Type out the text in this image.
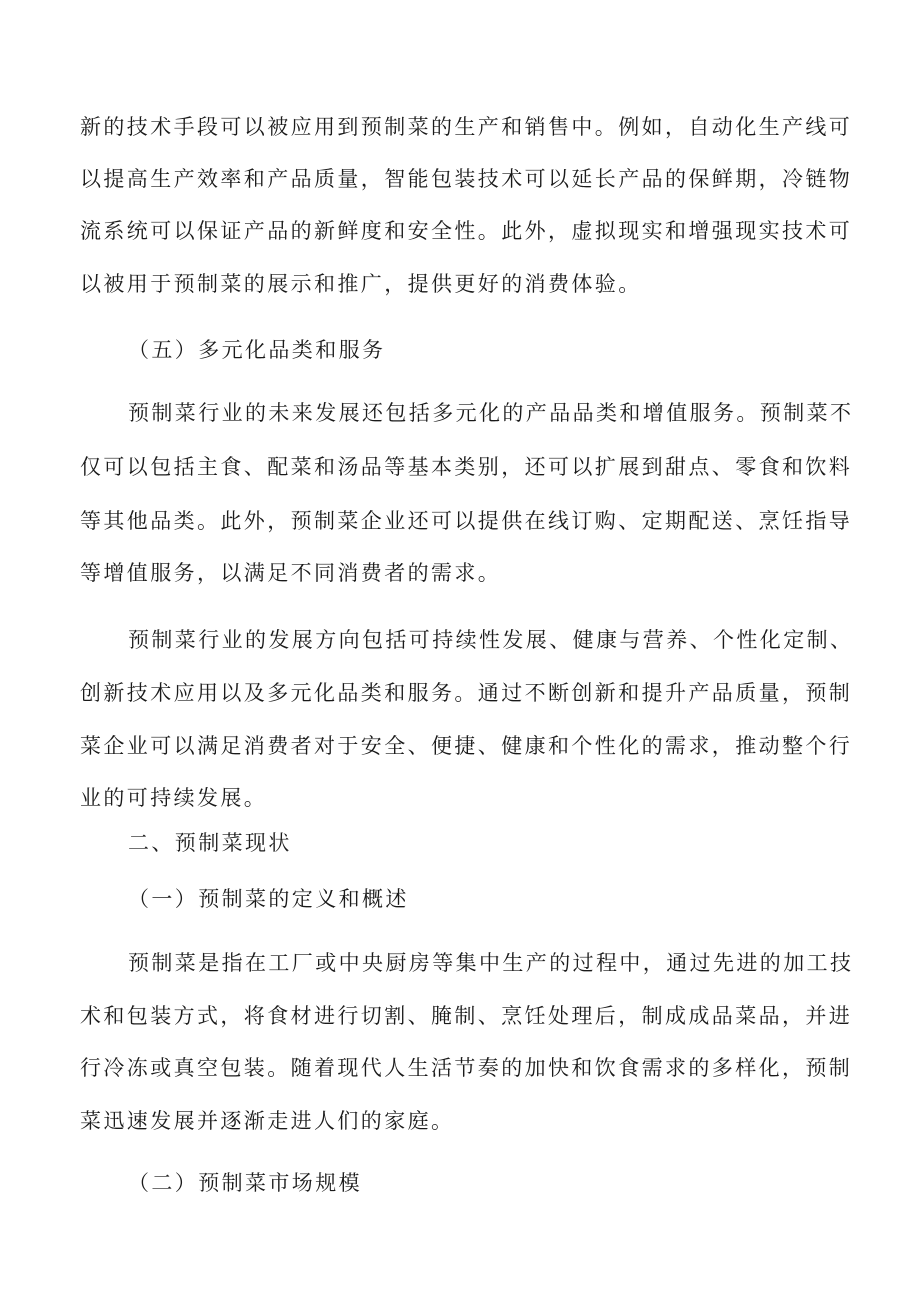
新的技术手段可以被应用到预制菜的生产和销售中。例如，自动化生产线可
以提高生产效率和产品质量，智能包装技术可以延长产品的保鲜期，冷链物
流系统可以保证产品的新鲜度和安全性。此外，虚拟现实和增强现实技术可
以被用于预制菜的展示和推广，提供更好的消费体验。
（五）多元化品类和服务
预制菜行业的未来发展还包括多元化的产品品类和增值服务。预制菜不
仅可以包括主食、配菜和汤品等基本类别，还可以扩展到甜点、零食和饮料
等其他品类。此外，预制菜企业还可以提供在线订购、定期配送、烹饪指导
等增值服务，以满足不同消费者的需求。
预制菜行业的发展方向包括可持续性发展、健康与营养、个性化定制、
创新技术应用以及多元化品类和服务。通过不断创新和提升产品质量，预制
菜企业可以满足消费者对于安全、便捷、健康和个性化的需求，推动整个行
业的可持续发展。
二、预制菜现状
（一）预制菜的定义和概述
预制菜是指在工厂或中央厨房等集中生产的过程中，通过先进的加工技
术和包装方式，将食材进行切割、腌制、烹饪处理后，制成成品菜品，并进
行冷冻或真空包装。随着现代人生活节奏的加快和饮食需求的多样化，预制
菜迅速发展并逐渐走进人们的家庭。
（二）预制菜市场规模
